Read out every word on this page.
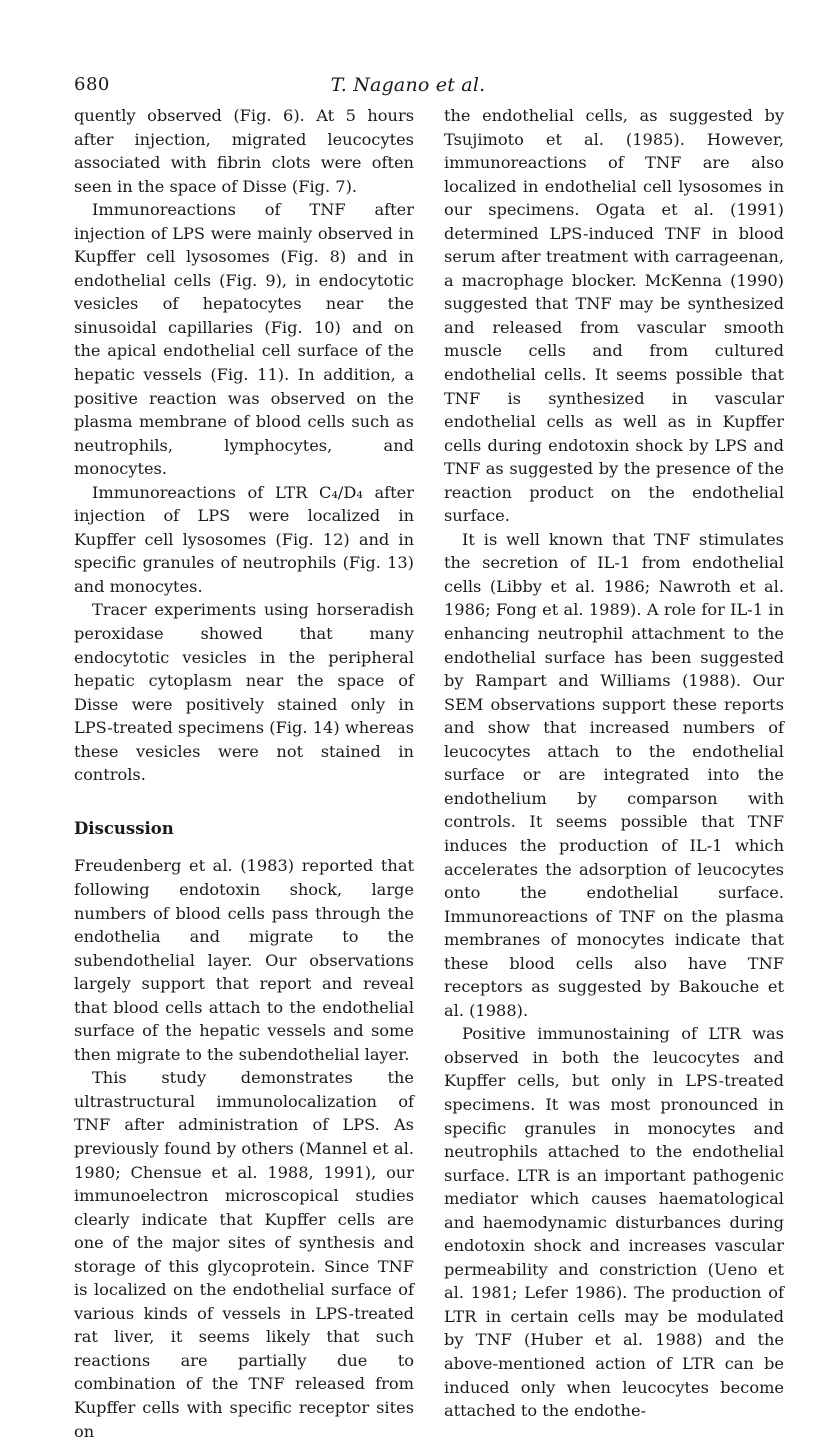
680	T. Nagano et al.

quently observed (Fig. 6). At 5 hours after injection, migrated leucocytes associated with fibrin clots were often seen in the space of Disse (Fig. 7).

Immunoreactions of TNF after injection of LPS were mainly observed in Kupffer cell lysosomes (Fig. 8) and in endothelial cells (Fig. 9), in endocytotic vesicles of hepatocytes near the sinusoidal capillaries (Fig. 10) and on the apical endothelial cell surface of the hepatic vessels (Fig. 11). In addition, a positive reaction was observed on the plasma membrane of blood cells such as neutrophils, lymphocytes, and monocytes.

Immunoreactions of LTR C₄/D₄ after injection of LPS were localized in Kupffer cell lysosomes (Fig. 12) and in specific granules of neutrophils (Fig. 13) and monocytes.

Tracer experiments using horseradish peroxidase showed that many endocytotic vesicles in the peripheral hepatic cytoplasm near the space of Disse were positively stained only in LPS-treated specimens (Fig. 14) whereas these vesicles were not stained in controls.

Discussion

Freudenberg et al. (1983) reported that following endotoxin shock, large numbers of blood cells pass through the endothelia and migrate to the subendothelial layer. Our observations largely support that report and reveal that blood cells attach to the endothelial surface of the hepatic vessels and some then migrate to the subendothelial layer.

This study demonstrates the ultrastructural immunolocalization of TNF after administration of LPS. As previously found by others (Mannel et al. 1980; Chensue et al. 1988, 1991), our immunoelectron microscopical studies clearly indicate that Kupffer cells are one of the major sites of synthesis and storage of this glycoprotein. Since TNF is localized on the endothelial surface of various kinds of vessels in LPS-treated rat liver, it seems likely that such reactions are partially due to combination of the TNF released from Kupffer cells with specific receptor sites on

the endothelial cells, as suggested by Tsujimoto et al. (1985). However, immunoreactions of TNF are also localized in endothelial cell lysosomes in our specimens. Ogata et al. (1991) determined LPS-induced TNF in blood serum after treatment with carrageenan, a macrophage blocker. McKenna (1990) suggested that TNF may be synthesized and released from vascular smooth muscle cells and from cultured endothelial cells. It seems possible that TNF is synthesized in vascular endothelial cells as well as in Kupffer cells during endotoxin shock by LPS and TNF as suggested by the presence of the reaction product on the endothelial surface.

It is well known that TNF stimulates the secretion of IL-1 from endothelial cells (Libby et al. 1986; Nawroth et al. 1986; Fong et al. 1989). A role for IL-1 in enhancing neutrophil attachment to the endothelial surface has been suggested by Rampart and Williams (1988). Our SEM observations support these reports and show that increased numbers of leucocytes attach to the endothelial surface or are integrated into the endothelium by comparson with controls. It seems possible that TNF induces the production of IL-1 which accelerates the adsorption of leucocytes onto the endothelial surface. Immunoreactions of TNF on the plasma membranes of monocytes indicate that these blood cells also have TNF receptors as suggested by Bakouche et al. (1988).

Positive immunostaining of LTR was observed in both the leucocytes and Kupffer cells, but only in LPS-treated specimens. It was most pronounced in specific granules in monocytes and neutrophils attached to the endothelial surface. LTR is an important pathogenic mediator which causes haematological and haemodynamic disturbances during endotoxin shock and increases vascular permeability and constriction (Ueno et al. 1981; Lefer 1986). The production of LTR in certain cells may be modulated by TNF (Huber et al. 1988) and the above-mentioned action of LTR can be induced only when leucocytes become attached to the endothe-
